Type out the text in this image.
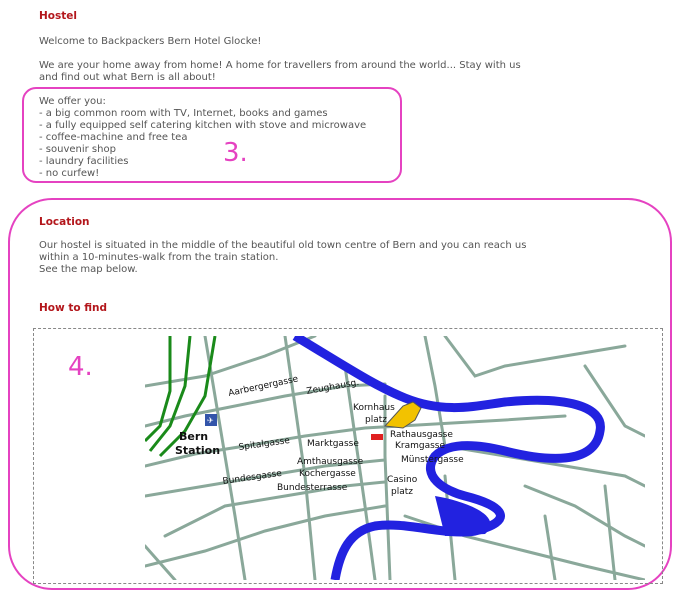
Hostel

Welcome to Backpackers Bern Hotel Glocke!

We are your home away from home! A home for travellers from around the world... Stay with us
and find out what Bern is all about!

We offer you:
- a big common room with TV, Internet, books and games
- a fully equipped self catering kitchen with stove and microwave
- coffee-machine and free tea
- souvenir shop
- laundry facilities
- no curfew!

3.
Location

Our hostel is situated in the middle of the beautiful old town centre of Bern and you can reach us
within a 10-minutes-walk from the train station.
See the map below.

How to find
4.
✈
Bern
Station
Aarbergergasse Zeughausg.
Kornhaus
platz
Rathausgasse
Kramgasse
Münstergasse
Marktgasse
Spitalgasse
Amthausgasse
Kochergasse
Bundesgasse
Bundesterrasse
Casino
platz
